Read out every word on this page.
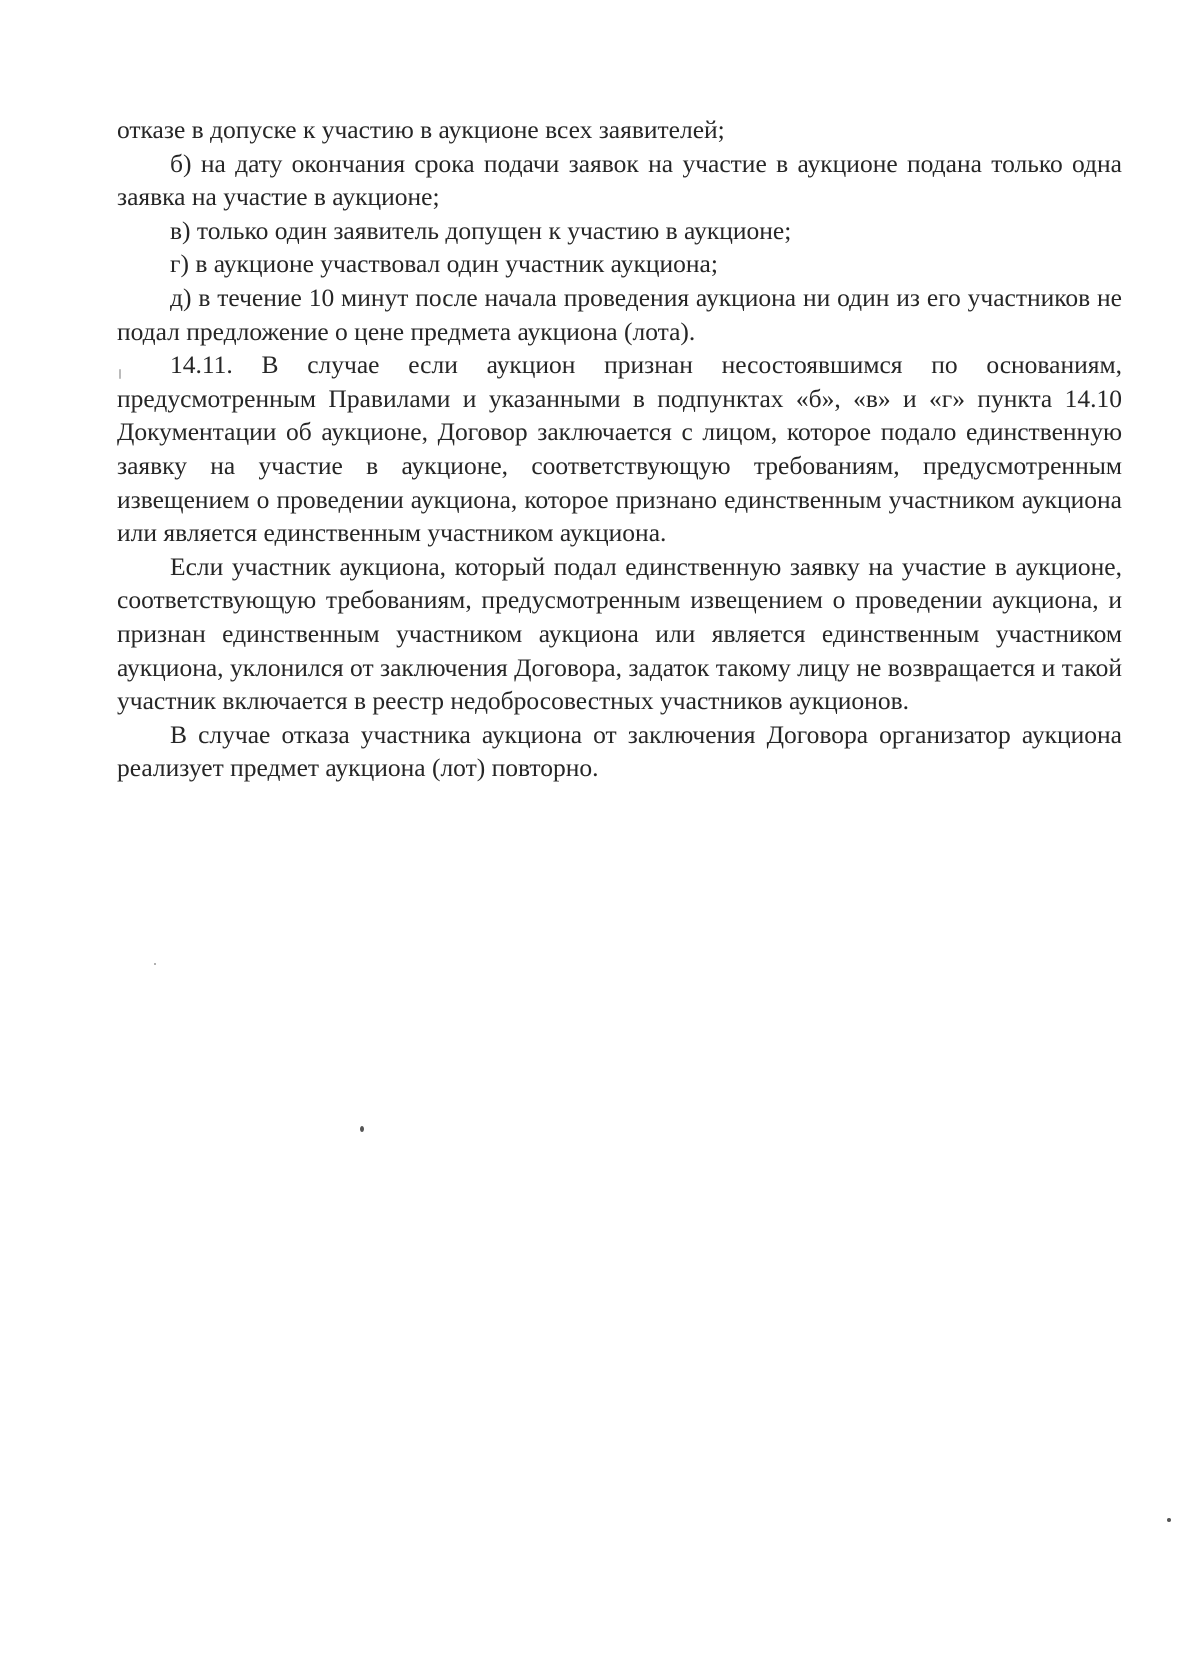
отказе в допуске к участию в аукционе всех заявителей;

б) на дату окончания срока подачи заявок на участие в аукционе подана только одна заявка на участие в аукционе;

в) только один заявитель допущен к участию в аукционе;

г) в аукционе участвовал один участник аукциона;

д) в течение 10 минут после начала проведения аукциона ни один из его участников не подал предложение о цене предмета аукциона (лота).

14.11. В случае если аукцион признан несостоявшимся по основаниям, предусмотренным Правилами и указанными в подпунктах «б», «в» и «г» пункта 14.10 Документации об аукционе, Договор заключается с лицом, которое подало единственную заявку на участие в аукционе, соответствующую требованиям, предусмотренным извещением о проведении аукциона, которое признано единственным участником аукциона или является единственным участником аукциона.

Если участник аукциона, который подал единственную заявку на участие в аукционе, соответствующую требованиям, предусмотренным извещением о проведении аукциона, и признан единственным участником аукциона или является единственным участником аукциона, уклонился от заключения Договора, задаток такому лицу не возвращается и такой участник включается в реестр недобросовестных участников аукционов.

В случае отказа участника аукциона от заключения Договора организатор аукциона реализует предмет аукциона (лот) повторно.
